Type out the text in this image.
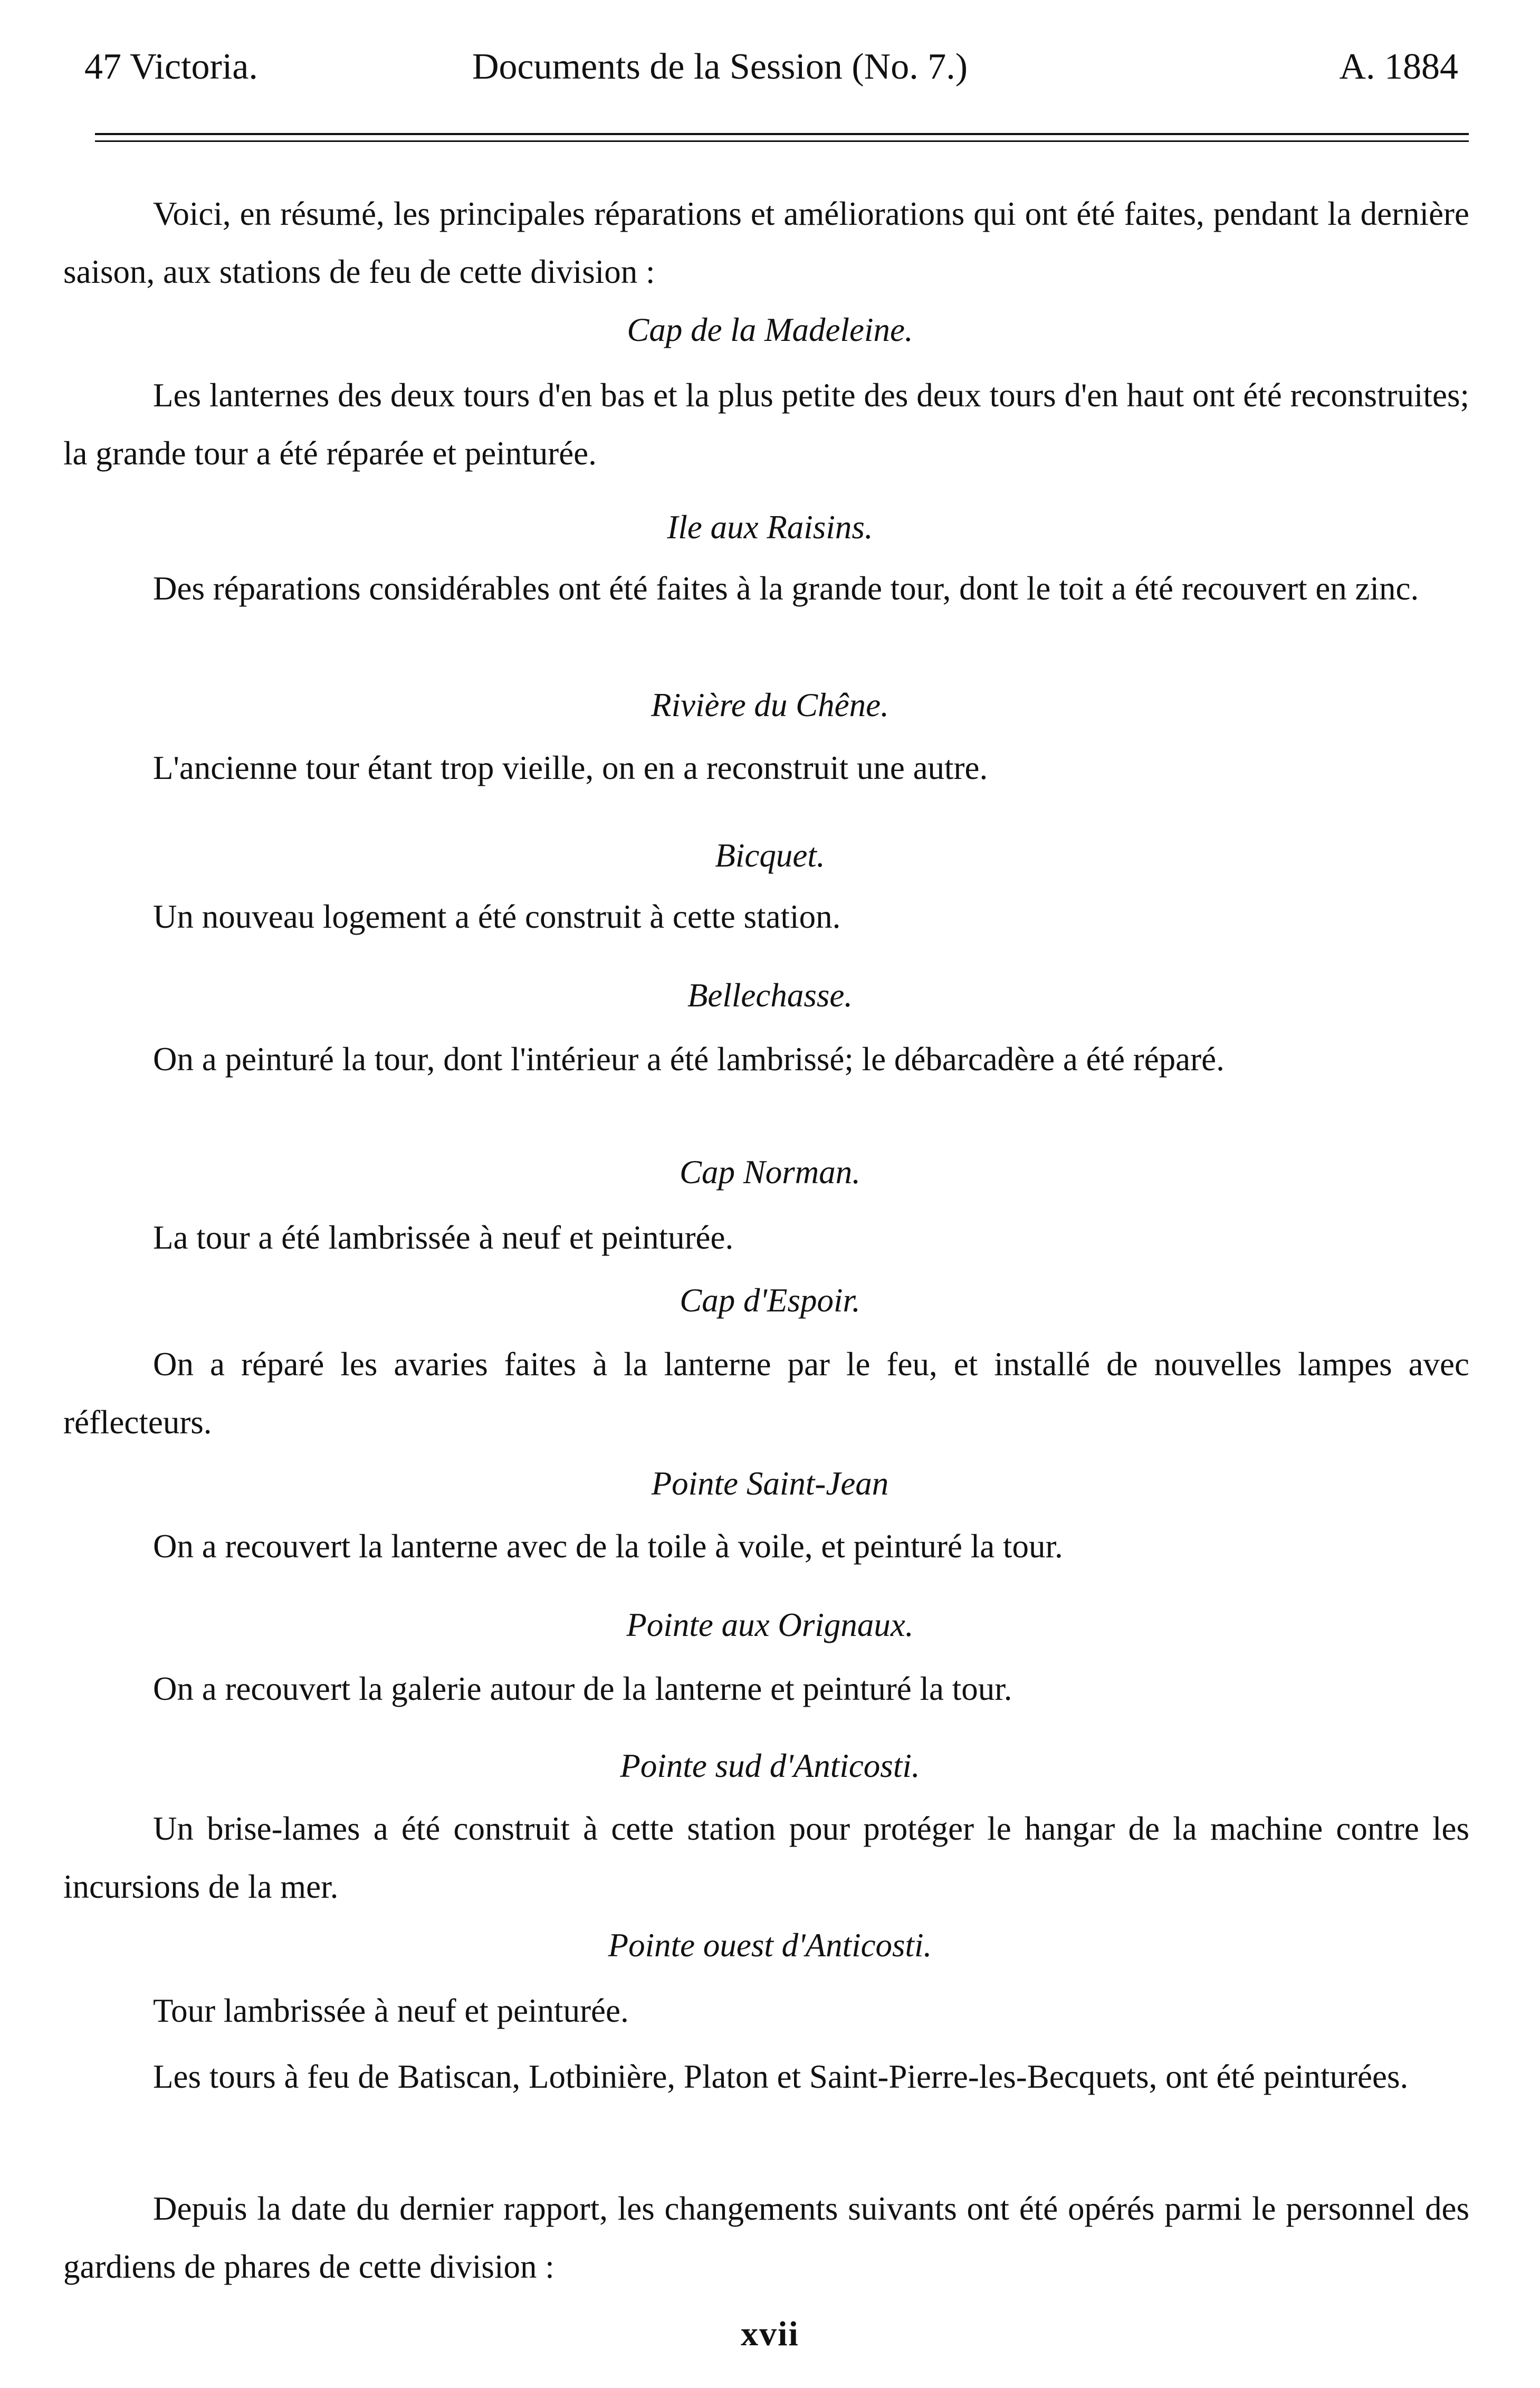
47 Victoria.	Documents de la Session (No. 7.)	A. 1884

Voici, en résumé, les principales réparations et améliorations qui ont été faites, pendant la dernière saison, aux stations de feu de cette division :

Cap de la Madeleine.

Les lanternes des deux tours d'en bas et la plus petite des deux tours d'en haut ont été reconstruites; la grande tour a été réparée et peinturée.

Ile aux Raisins.

Des réparations considérables ont été faites à la grande tour, dont le toit a été recouvert en zinc.

Rivière du Chêne.

L'ancienne tour étant trop vieille, on en a reconstruit une autre.

Bicquet.

Un nouveau logement a été construit à cette station.

Bellechasse.

On a peinturé la tour, dont l'intérieur a été lambrissé; le débarcadère a été réparé.

Cap Norman.

La tour a été lambrissée à neuf et peinturée.

Cap d'Espoir.

On a réparé les avaries faites à la lanterne par le feu, et installé de nouvelles lampes avec réflecteurs.

Pointe Saint-Jean

On a recouvert la lanterne avec de la toile à voile, et peinturé la tour.

Pointe aux Orignaux.

On a recouvert la galerie autour de la lanterne et peinturé la tour.

Pointe sud d'Anticosti.

Un brise-lames a été construit à cette station pour protéger le hangar de la machine contre les incursions de la mer.

Pointe ouest d'Anticosti.

Tour lambrissée à neuf et peinturée.

Les tours à feu de Batiscan, Lotbinière, Platon et Saint-Pierre-les-Becquets, ont été peinturées.

Depuis la date du dernier rapport, les changements suivants ont été opérés parmi le personnel des gardiens de phares de cette division :

xvii
